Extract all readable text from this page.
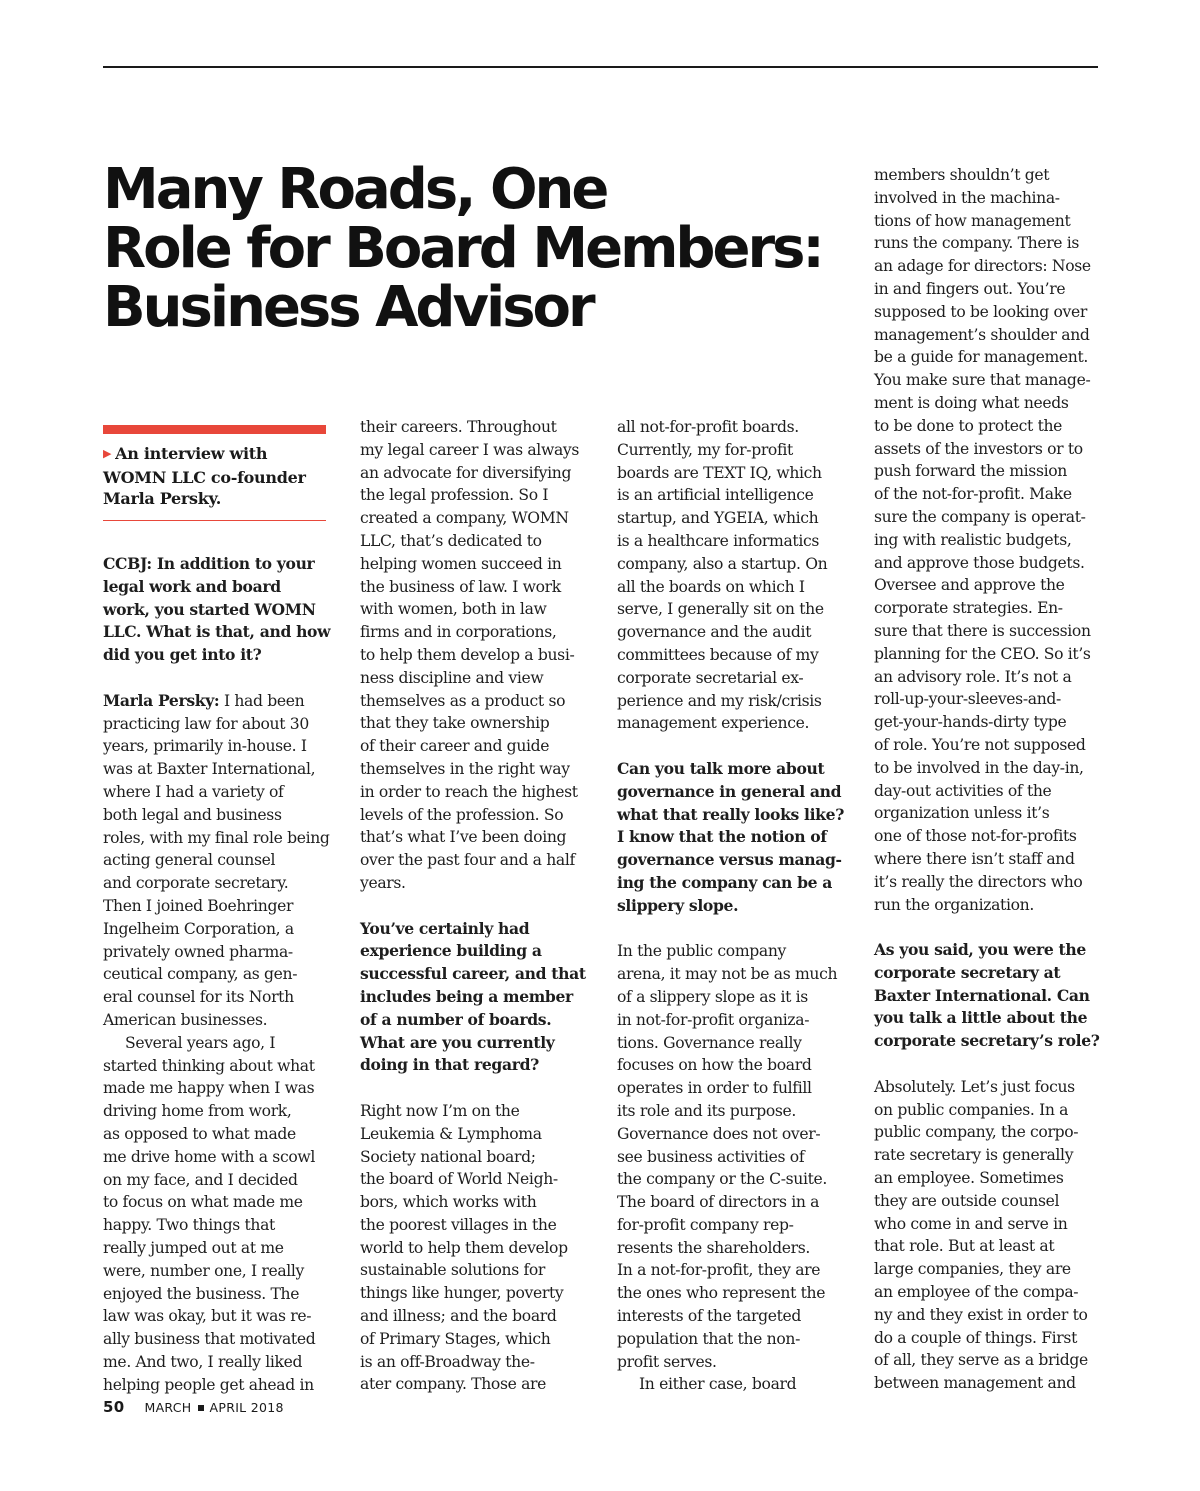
Many Roads, One
Role for Board Members:
Business Advisor
▶ An interview with
WOMN LLC co-founder
Marla Persky.
CCBJ: In addition to your
legal work and board
work, you started WOMN
LLC. What is that, and how
did you get into it?
Marla Persky: I had been
practicing law for about 30
years, primarily in-house. I
was at Baxter International,
where I had a variety of
both legal and business
roles, with my final role being
acting general counsel
and corporate secretary.
Then I joined Boehringer
Ingelheim Corporation, a
privately owned pharma-
ceutical company, as gen-
eral counsel for its North
American businesses.
Several years ago, I
started thinking about what
made me happy when I was
driving home from work,
as opposed to what made
me drive home with a scowl
on my face, and I decided
to focus on what made me
happy. Two things that
really jumped out at me
were, number one, I really
enjoyed the business. The
law was okay, but it was re-
ally business that motivated
me. And two, I really liked
helping people get ahead in
their careers. Throughout
my legal career I was always
an advocate for diversifying
the legal profession. So I
created a company, WOMN
LLC, that’s dedicated to
helping women succeed in
the business of law. I work
with women, both in law
firms and in corporations,
to help them develop a busi-
ness discipline and view
themselves as a product so
that they take ownership
of their career and guide
themselves in the right way
in order to reach the highest
levels of the profession. So
that’s what I’ve been doing
over the past four and a half
years.
You’ve certainly had
experience building a
successful career, and that
includes being a member
of a number of boards.
What are you currently
doing in that regard?
Right now I’m on the
Leukemia & Lymphoma
Society national board;
the board of World Neigh-
bors, which works with
the poorest villages in the
world to help them develop
sustainable solutions for
things like hunger, poverty
and illness; and the board
of Primary Stages, which
is an off-Broadway the-
ater company. Those are
all not-for-profit boards.
Currently, my for-profit
boards are TEXT IQ, which
is an artificial intelligence
startup, and YGEIA, which
is a healthcare informatics
company, also a startup. On
all the boards on which I
serve, I generally sit on the
governance and the audit
committees because of my
corporate secretarial ex-
perience and my risk/crisis
management experience.
Can you talk more about
governance in general and
what that really looks like?
I know that the notion of
governance versus manag-
ing the company can be a
slippery slope.
In the public company
arena, it may not be as much
of a slippery slope as it is
in not-for-profit organiza-
tions. Governance really
focuses on how the board
operates in order to fulfill
its role and its purpose.
Governance does not over-
see business activities of
the company or the C-suite.
The board of directors in a
for-profit company rep-
resents the shareholders.
In a not-for-profit, they are
the ones who represent the
interests of the targeted
population that the non-
profit serves.
In either case, board
members shouldn’t get
involved in the machina-
tions of how management
runs the company. There is
an adage for directors: Nose
in and fingers out. You’re
supposed to be looking over
management’s shoulder and
be a guide for management.
You make sure that manage-
ment is doing what needs
to be done to protect the
assets of the investors or to
push forward the mission
of the not-for-profit. Make
sure the company is operat-
ing with realistic budgets,
and approve those budgets.
Oversee and approve the
corporate strategies. En-
sure that there is succession
planning for the CEO. So it’s
an advisory role. It’s not a
roll-up-your-sleeves-and-
get-your-hands-dirty type
of role. You’re not supposed
to be involved in the day-in,
day-out activities of the
organization unless it’s
one of those not-for-profits
where there isn’t staff and
it’s really the directors who
run the organization.
As you said, you were the
corporate secretary at
Baxter International. Can
you talk a little about the
corporate secretary’s role?
Absolutely. Let’s just focus
on public companies. In a
public company, the corpo-
rate secretary is generally
an employee. Sometimes
they are outside counsel
who come in and serve in
that role. But at least at
large companies, they are
an employee of the compa-
ny and they exist in order to
do a couple of things. First
of all, they serve as a bridge
between management and
50 MARCH APRIL 2018
